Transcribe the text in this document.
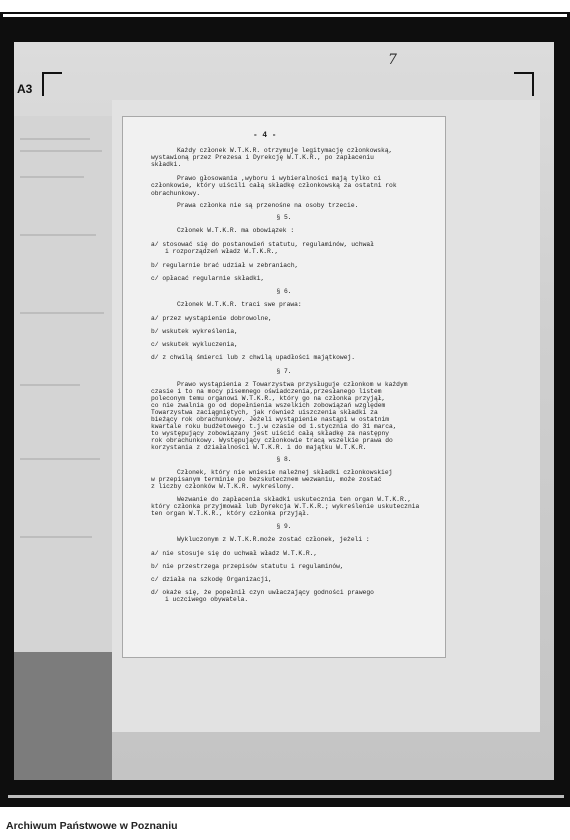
A3
7
- 4 -
Każdy członek W.T.K.R. otrzymuje legitymację członkowską,
wystawioną przez Prezesa i Dyrekcję W.T.K.R., po zapłaceniu
składki.
Prawo głosowania ,wyboru i wybieralności mają tylko ci członkowie, który uiścili całą składkę członkowską za ostatni rok
obrachunkowy.
Prawa członka nie są przenośne na osoby trzecie.
§ 5.
Członek W.T.K.R. ma obowiązek :
a/ stosować się do postanowień statutu, regulaminów, uchwał
i rozporządzeń władz W.T.K.R.,
b/ regularnie brać udział w zebraniach,
c/ opłacać regularnie składki,
§ 6.
Członek W.T.K.R. traci swe prawa:
a/ przez wystąpienie dobrowolne,
b/ wskutek wykreślenia,
c/ wskutek wykluczenia,
d/ z chwilą śmierci lub z chwilą upadłości majątkowej.
§ 7.
Prawo wystąpienia z Towarzystwa przysługuje członkom w każdym
czasie i to na mocy pisemnego oświadczenia,przesłanego listem
poleconym temu organowi W.T.K.R., który go na członka przyjął,
co nie zwalnia go od dopełnienia wszelkich zobowiązań względem
Towarzystwa zaciągniętych, jak również uiszczenia składki za
bieżący rok obrachunkowy. Jeżeli wystąpienie nastąpi w ostatnim
kwartale roku budżetowego t.j.w czasie od 1.stycznia do 31 marca,
to występujący zobowiązany jest uiścić całą składkę za następny
rok obrachunkowy. Występujący członkowie tracą wszelkie prawa do
korzystania z działalności W.T.K.R. i do majątku W.T.K.R.
§ 8.
Członek, który nie wniesie należnej składki członkowskiej
w przepisanym terminie po bezskutecznem wezwaniu, może zostać
z liczby członków W.T.K.R. wykreślony.
Wezwanie do zapłacenia składki uskutecznia ten organ W.T.K.R.,
który członka przyjmował lub Dyrekcja W.T.K.R.; wykreślenie uskutecznia ten organ W.T.K.R., który członka przyjął.
§ 9.
Wykluczonym z W.T.K.R.może zostać członek, jeżeli :
a/ nie stosuje się do uchwał władz W.T.K.R.,
b/ nie przestrzega przepisów statutu i regulaminów,
c/ działa na szkodę Organizacji,
d/ okaże się, że popełnił czyn uwłaczający godności prawego
i uczciwego obywatela.
Archiwum Państwowe w Poznaniu
